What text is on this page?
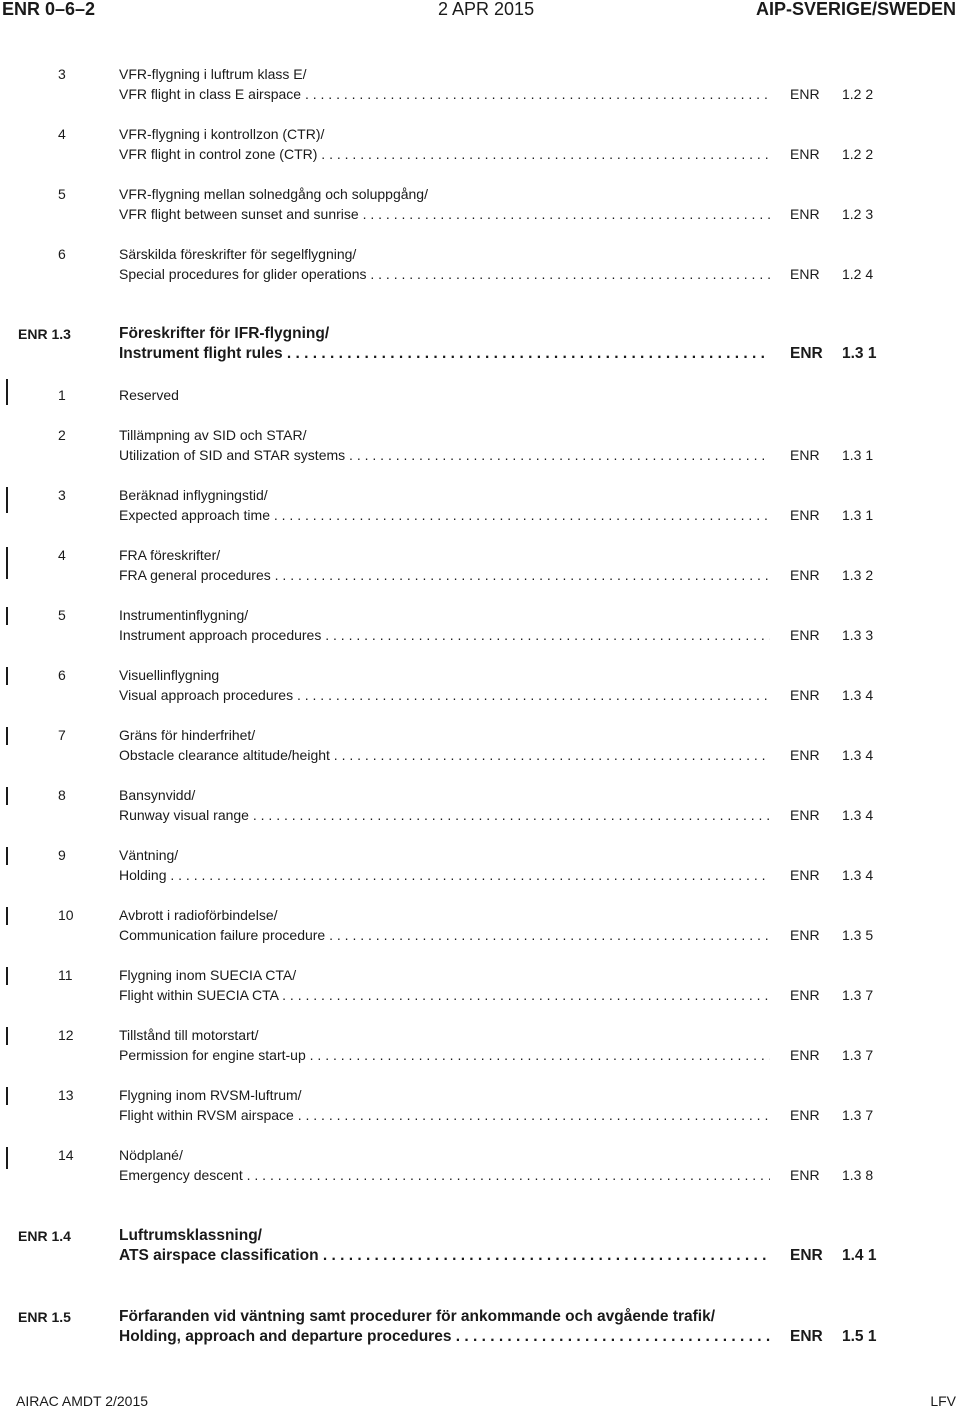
ENR 0–6–2	2 APR 2015	AIP-SVERIGE/SWEDEN
3	VFR-flygning i luftrum klass E/
VFR flight in class E airspace . . .	ENR 1.2 2
4	VFR-flygning i kontrollzon (CTR)/
VFR flight in control zone (CTR) . . .	ENR 1.2 2
5	VFR-flygning mellan solnedgång och soluppgång/
VFR flight between sunset and sunrise . . .	ENR 1.2 3
6	Särskilda föreskrifter för segelflygning/
Special procedures for glider operations . . .	ENR 1.2 4
ENR 1.3	Föreskrifter för IFR-flygning/
Instrument flight rules . . .	ENR 1.3 1
1	Reserved
2	Tillämpning av SID och STAR/
Utilization of SID and STAR systems . . .	ENR 1.3 1
3	Beräknad inflygningstid/
Expected approach time . . .	ENR 1.3 1
4	FRA föreskrifter/
FRA general procedures . . .	ENR 1.3 2
5	Instrumentinflygning/
Instrument approach procedures . . .	ENR 1.3 3
6	Visuellinflygning
Visual approach procedures . . .	ENR 1.3 4
7	Gräns för hinderfrihet/
Obstacle clearance altitude/height . . .	ENR 1.3 4
8	Bansynvidd/
Runway visual range . . .	ENR 1.3 4
9	Väntning/
Holding . . .	ENR 1.3 4
10	Avbrott i radioförbindelse/
Communication failure procedure . . .	ENR 1.3 5
11	Flygning inom SUECIA CTA/
Flight within SUECIA CTA . . .	ENR 1.3 7
12	Tillstånd till motorstart/
Permission for engine start-up . . .	ENR 1.3 7
13	Flygning inom RVSM-luftrum/
Flight within RVSM airspace . . .	ENR 1.3 7
14	Nödplané/
Emergency descent . . .	ENR 1.3 8
ENR 1.4	Luftrumsklassning/
ATS airspace classification . . .	ENR 1.4 1
ENR 1.5	Förfaranden vid väntning samt procedurer för ankommande och avgående trafik/
Holding, approach and departure procedures . . .	ENR 1.5 1
AIRAC AMDT 2/2015	LFV
